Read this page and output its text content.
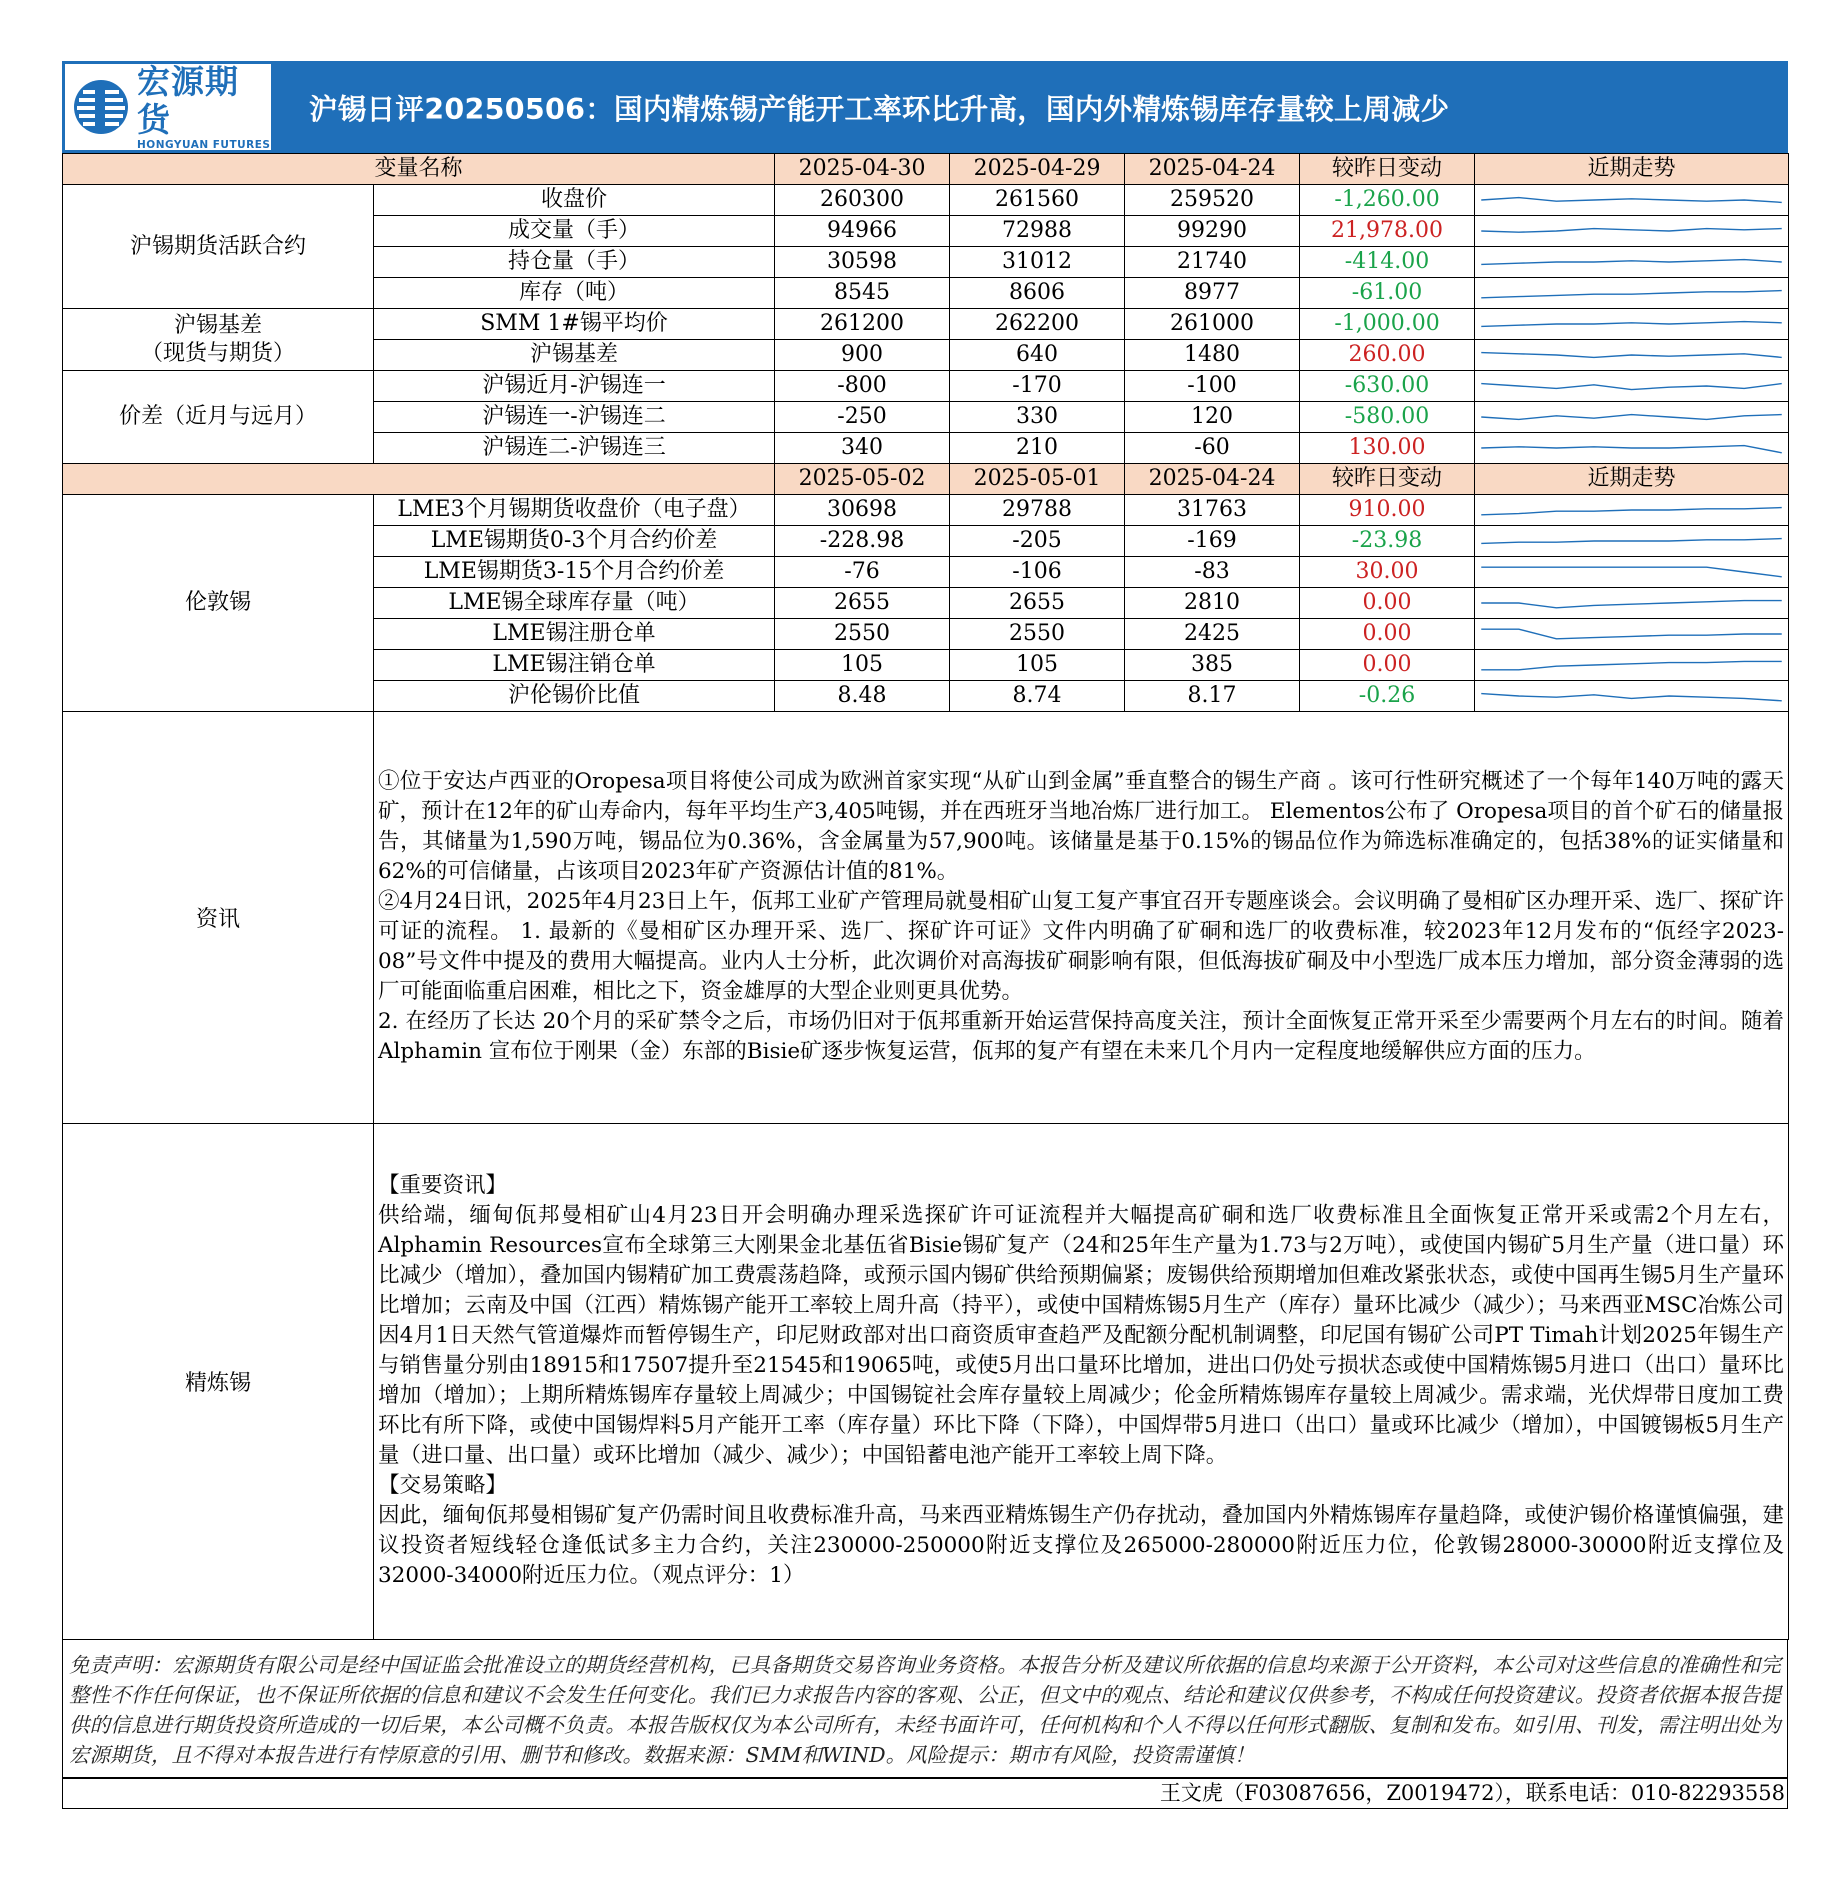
宏源期货
HONGYUAN FUTURES
沪锡日评20250506：国内精炼锡产能开工率环比升高，国内外精炼锡库存量较上周减少
变量名称		2025-04-30	2025-04-29	2025-04-24	较昨日变动	近期走势
沪锡期货活跃合约	收盘价	260300	261560	259520	-1,260.00	

	成交量（手）	94966	72988	99290	21,978.00	

	持仓量（手）	30598	31012	21740	-414.00	

	库存（吨）	8545	8606	8977	-61.00	

沪锡基差
（现货与期货）	SMM 1#锡平均价	261200	262200	261000	-1,000.00	

	沪锡基差	900	640	1480	260.00	

价差（近月与远月）	沪锡近月-沪锡连一	-800	-170	-100	-630.00	

	沪锡连一-沪锡连二	-250	330	120	-580.00	

	沪锡连二-沪锡连三	340	210	-60	130.00	

		2025-05-02	2025-05-01	2025-04-24	较昨日变动	近期走势
伦敦锡	LME3个月锡期货收盘价（电子盘）	30698	29788	31763	910.00	

	LME锡期货0-3个月合约价差	-228.98	-205	-169	-23.98	

	LME锡期货3-15个月合约价差	-76	-106	-83	30.00	

	LME锡全球库存量（吨）	2655	2655	2810	0.00	

	LME锡注册仓单	2550	2550	2425	0.00	

	LME锡注销仓单	105	105	385	0.00	

	沪伦锡价比值	8.48	8.74	8.17	-0.26	
资讯	①位于安达卢西亚的Oropesa项目将使公司成为欧洲首家实现“从矿山到金属”垂直整合的锡生产商 。该可行性研究概述了一个每年140万吨的露天矿，预计在12年的矿山寿命内，每年平均生产3,405吨锡，并在西班牙当地冶炼厂进行加工。 Elementos公布了 Oropesa项目的首个矿石的储量报告，其储量为1,590万吨，锡品位为0.36%，含金属量为57,900吨。该储量是基于0.15%的锡品位作为筛选标准确定的，包括38%的证实储量和62%的可信储量，占该项目2023年矿产资源估计值的81%。

②4月24日讯，2025年4月23日上午，佤邦工业矿产管理局就曼相矿山复工复产事宜召开专题座谈会。会议明确了曼相矿区办理开采、选厂、探矿许可证的流程。 1. 最新的《曼相矿区办理开采、选厂、探矿许可证》文件内明确了矿硐和选厂的收费标准，较2023年12月发布的“佤经字2023-08”号文件中提及的费用大幅提高。业内人士分析，此次调价对高海拔矿硐影响有限，但低海拔矿硐及中小型选厂成本压力增加，部分资金薄弱的选厂可能面临重启困难，相比之下，资金雄厚的大型企业则更具优势。

2. 在经历了长达 20个月的采矿禁令之后，市场仍旧对于佤邦重新开始运营保持高度关注，预计全面恢复正常开采至少需要两个月左右的时间。随着 Alphamin 宣布位于刚果（金）东部的Bisie矿逐步恢复运营，佤邦的复产有望在未来几个月内一定程度地缓解供应方面的压力。

精炼锡	【重要资讯】

供给端，缅甸佤邦曼相矿山4月23日开会明确办理采选探矿许可证流程并大幅提高矿硐和选厂收费标准且全面恢复正常开采或需2个月左右，Alphamin Resources宣布全球第三大刚果金北基伍省Bisie锡矿复产（24和25年生产量为1.73与2万吨），或使国内锡矿5月生产量（进口量）环比减少（增加），叠加国内锡精矿加工费震荡趋降，或预示国内锡矿供给预期偏紧；废锡供给预期增加但难改紧张状态，或使中国再生锡5月生产量环比增加；云南及中国（江西）精炼锡产能开工率较上周升高（持平），或使中国精炼锡5月生产（库存）量环比减少（减少）；马来西亚MSC冶炼公司因4月1日天然气管道爆炸而暂停锡生产，印尼财政部对出口商资质审查趋严及配额分配机制调整，印尼国有锡矿公司PT Timah计划2025年锡生产与销售量分别由18915和17507提升至21545和19065吨，或使5月出口量环比增加，进出口仍处亏损状态或使中国精炼锡5月进口（出口）量环比增加（增加）；上期所精炼锡库存量较上周减少；中国锡锭社会库存量较上周减少；伦金所精炼锡库存量较上周减少。需求端，光伏焊带日度加工费环比有所下降，或使中国锡焊料5月产能开工率（库存量）环比下降（下降），中国焊带5月进口（出口）量或环比减少（增加），中国镀锡板5月生产量（进口量、出口量）或环比增加（减少、减少）；中国铅蓄电池产能开工率较上周下降。

【交易策略】

因此，缅甸佤邦曼相锡矿复产仍需时间且收费标准升高，马来西亚精炼锡生产仍存扰动，叠加国内外精炼锡库存量趋降，或使沪锡价格谨慎偏强，建议投资者短线轻仓逢低试多主力合约，关注230000-250000附近支撑位及265000-280000附近压力位，伦敦锡28000-30000附近支撑位及32000-34000附近压力位。（观点评分：1）

免责声明：宏源期货有限公司是经中国证监会批准设立的期货经营机构，已具备期货交易咨询业务资格。本报告分析及建议所依据的信息均来源于公开资料，本公司对这些信息的准确性和完整性不作任何保证，也不保证所依据的信息和建议不会发生任何变化。我们已力求报告内容的客观、公正，但文中的观点、结论和建议仅供参考，不构成任何投资建议。投资者依据本报告提供的信息进行期货投资所造成的一切后果，本公司概不负责。本报告版权仅为本公司所有，未经书面许可，任何机构和个人不得以任何形式翻版、复制和发布。如引用、刊发，需注明出处为宏源期货，且不得对本报告进行有悖原意的引用、删节和修改。数据来源：SMM和WIND。风险提示：期市有风险，投资需谨慎！
王文虎（F03087656，Z0019472），联系电话：010-82293558
